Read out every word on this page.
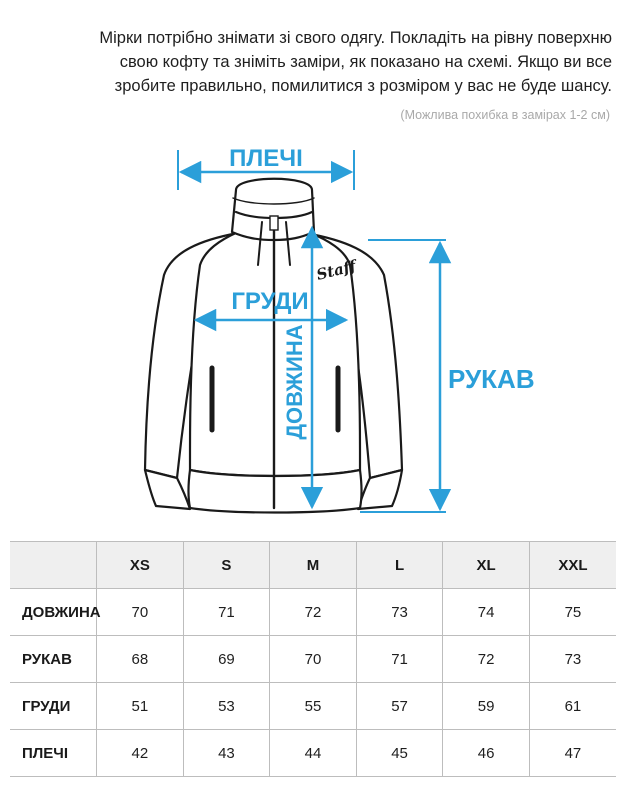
Мірки потрібно знімати зі свого одягу. Покладіть на рівну поверхню
свою кофту та зніміть заміри, як показано на схемі. Якщо ви все
зробите правильно, помилитися з розміром у вас не буде шансу.
(Можлива похибка в замірах 1-2 см)
Staff
ПЛЕЧІ
ГРУДИ
ДОВЖИНА	РУКАВ
	XS	S	M	L	XL	XXL
ДОВЖИНА	70	71	72	73	74	75
РУКАВ	68	69	70	71	72	73
ГРУДИ	51	53	55	57	59	61
ПЛЕЧІ	42	43	44	45	46	47
